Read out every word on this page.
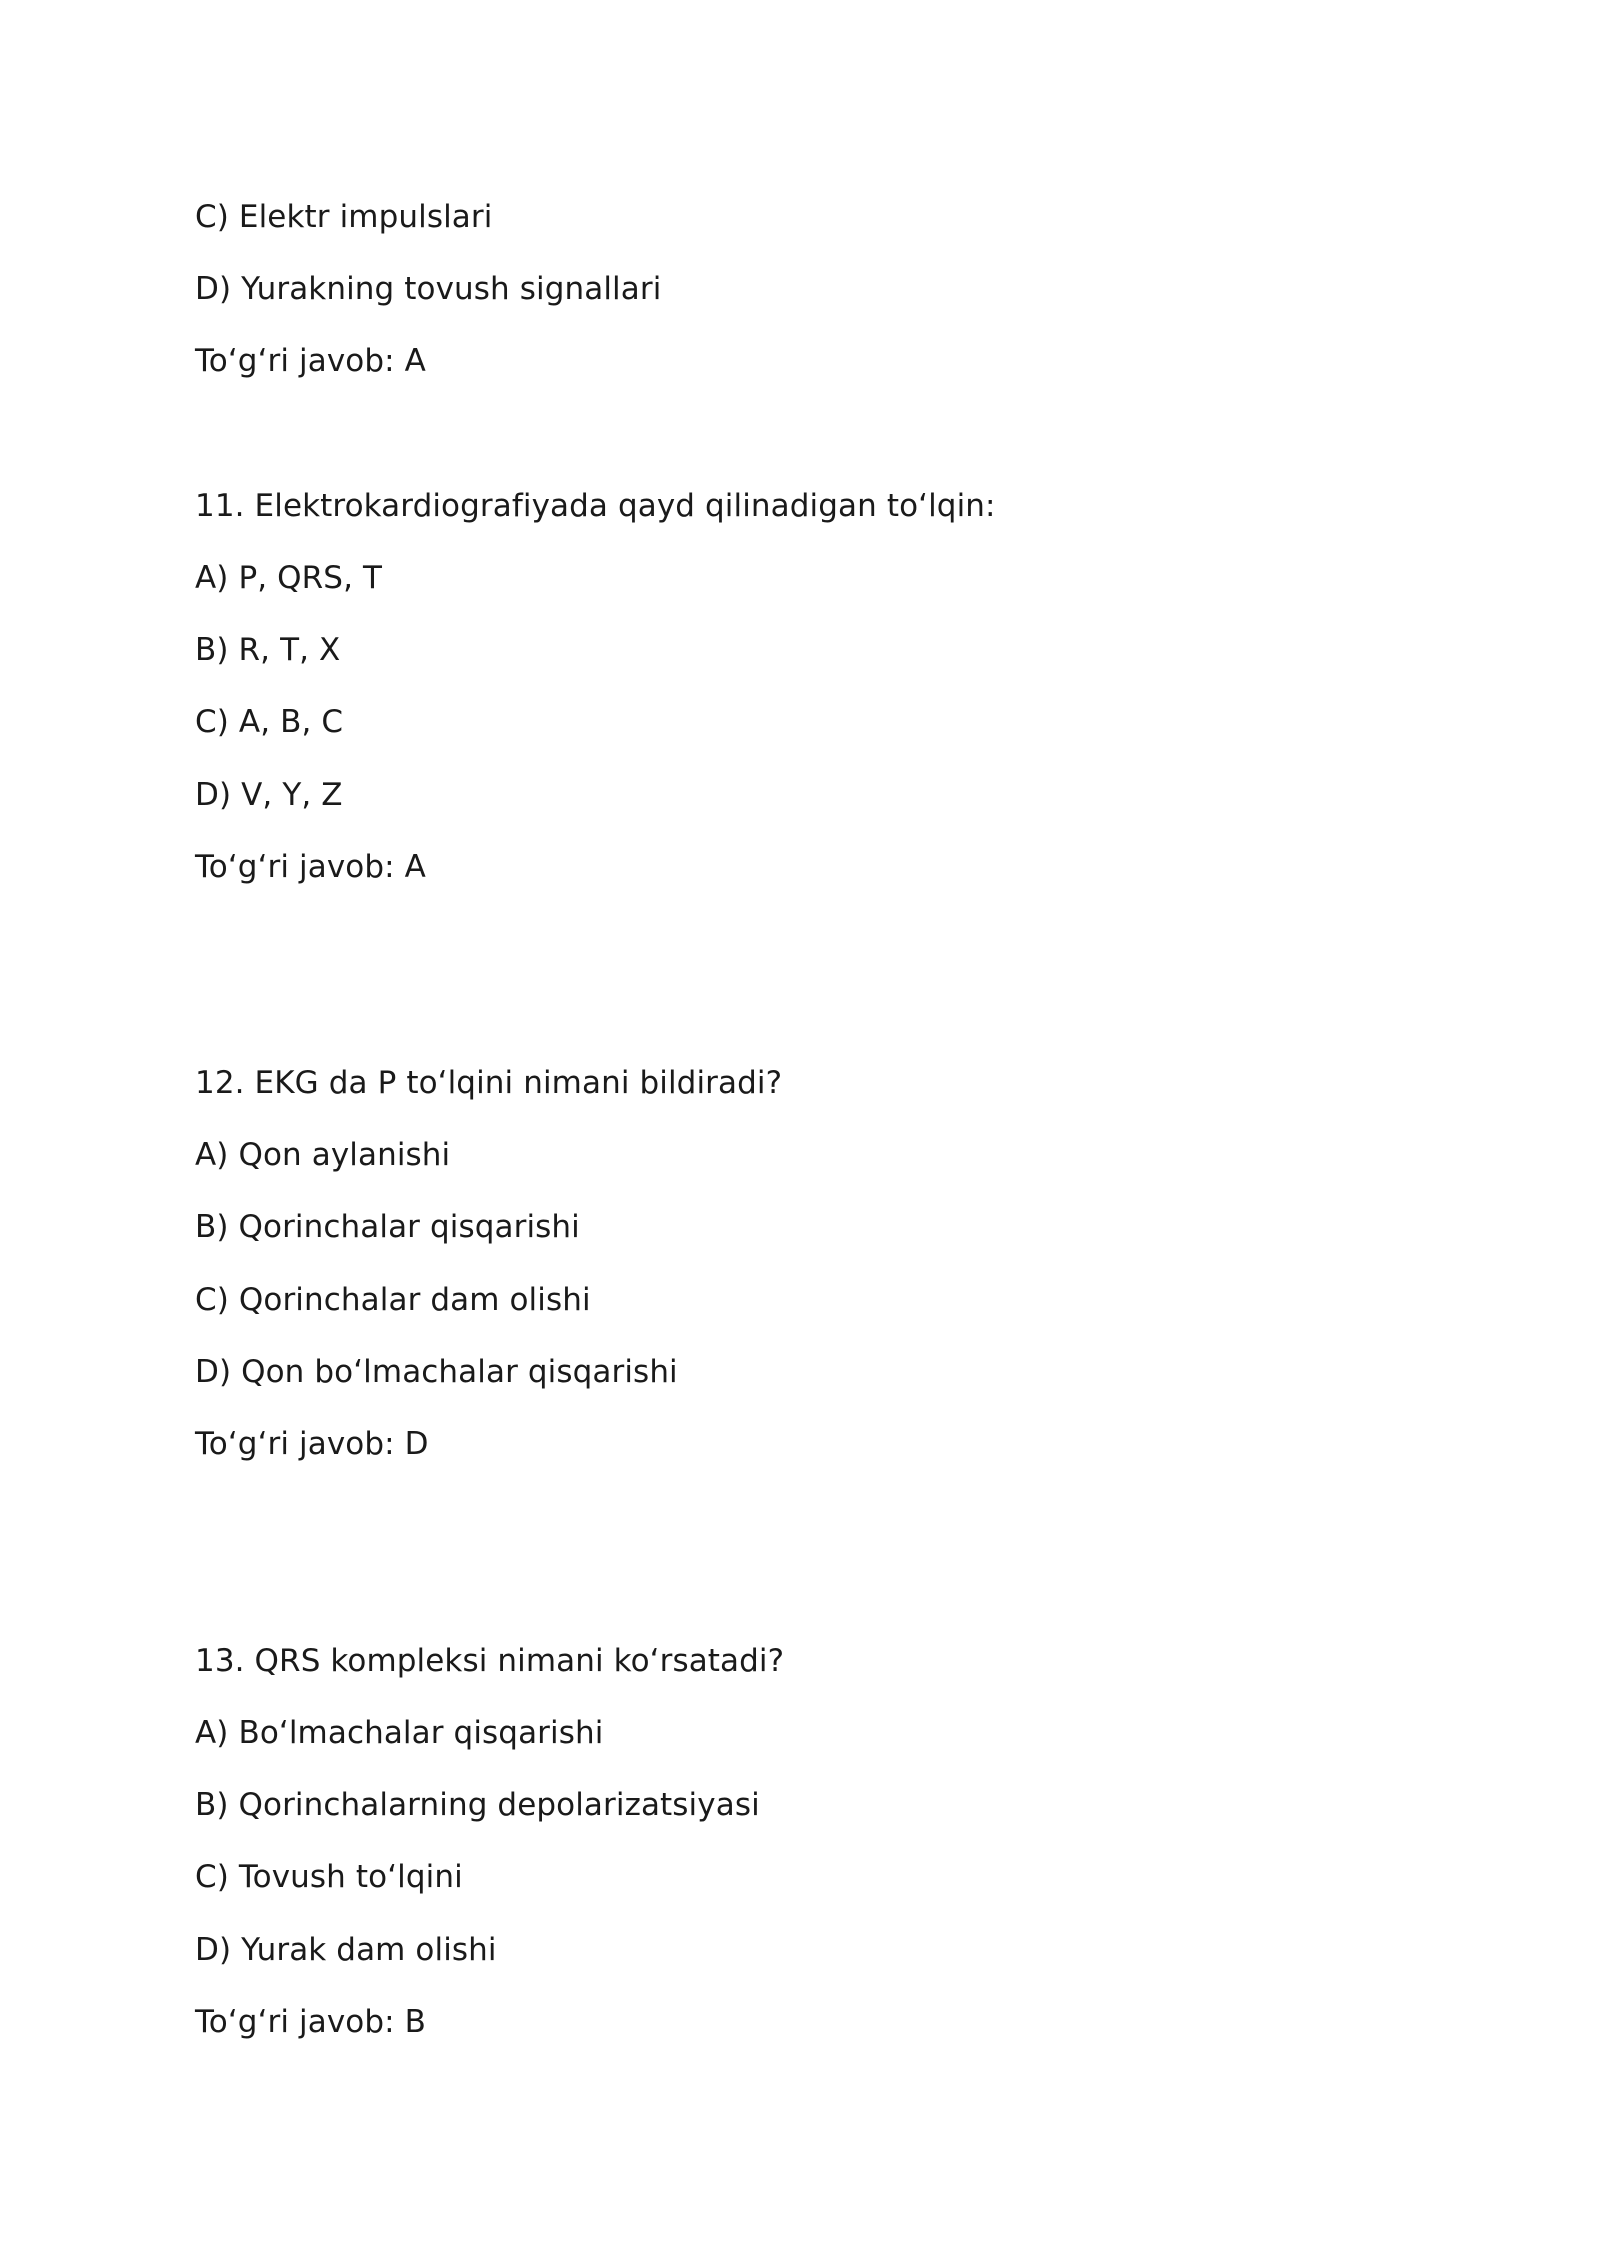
C) Elektr impulslari
D) Yurakning tovush signallari
To‘g‘ri javob: A
11. Elektrokardiografiyada qayd qilinadigan to‘lqin:
A) P, QRS, T
B) R, T, X
C) A, B, C
D) V, Y, Z
To‘g‘ri javob: A
12. EKG da P to‘lqini nimani bildiradi?
A) Qon aylanishi
B) Qorinchalar qisqarishi
C) Qorinchalar dam olishi
D) Qon bo‘lmachalar qisqarishi
To‘g‘ri javob: D
13. QRS kompleksi nimani ko‘rsatadi?
A) Bo‘lmachalar qisqarishi
B) Qorinchalarning depolarizatsiyasi
C) Tovush to‘lqini
D) Yurak dam olishi
To‘g‘ri javob: B
